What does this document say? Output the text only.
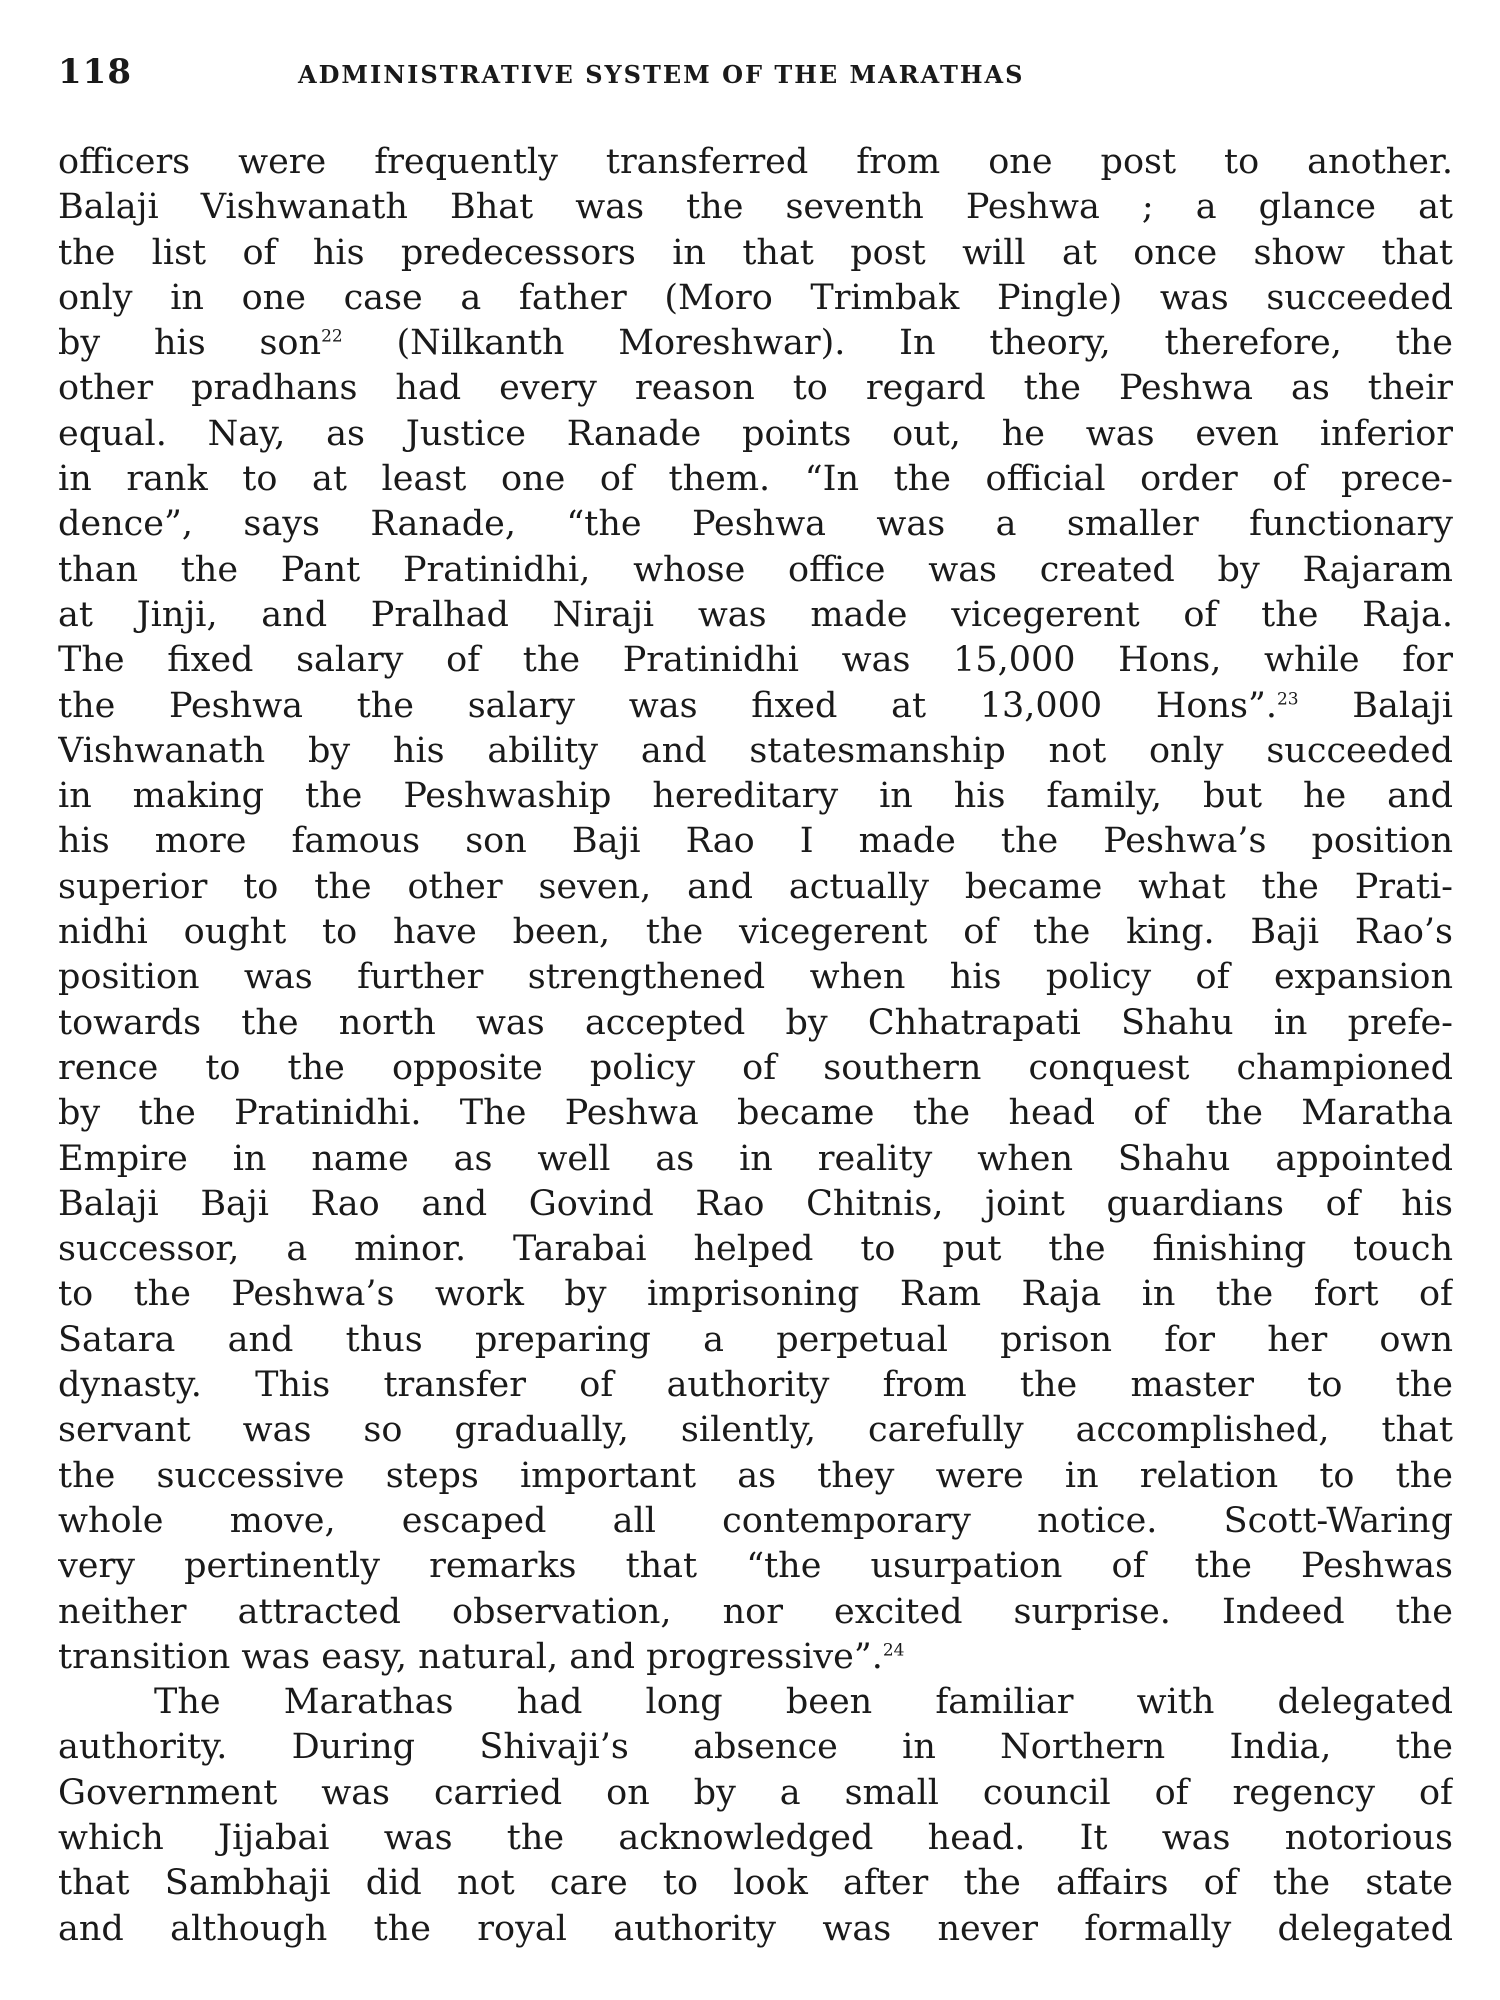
118	ADMINISTRATIVE SYSTEM OF THE MARATHAS
officers were frequently transferred from one post to another.
Balaji Vishwanath Bhat was the seventh Peshwa ; a glance at
the list of his predecessors in that post will at once show that
only in one case a father (Moro Trimbak Pingle) was succeeded
by his son$^{22}$ (Nilkanth Moreshwar). In theory, therefore, the
other pradhans had every reason to regard the Peshwa as their
equal. Nay, as Justice Ranade points out, he was even inferior
in rank to at least one of them. “In the official order of prece-
dence”, says Ranade, “the Peshwa was a smaller functionary
than the Pant Pratinidhi, whose office was created by Rajaram
at Jinji, and Pralhad Niraji was made vicegerent of the Raja.
The fixed salary of the Pratinidhi was 15,000 Hons, while for
the Peshwa the salary was fixed at 13,000 Hons”.$^{23}$ Balaji
Vishwanath by his ability and statesmanship not only succeeded
in making the Peshwaship hereditary in his family, but he and
his more famous son Baji Rao I made the Peshwa’s position
superior to the other seven, and actually became what the Prati-
nidhi ought to have been, the vicegerent of the king. Baji Rao’s
position was further strengthened when his policy of expansion
towards the north was accepted by Chhatrapati Shahu in prefe-
rence to the opposite policy of southern conquest championed
by the Pratinidhi. The Peshwa became the head of the Maratha
Empire in name as well as in reality when Shahu appointed
Balaji Baji Rao and Govind Rao Chitnis, joint guardians of his
successor, a minor. Tarabai helped to put the finishing touch
to the Peshwa’s work by imprisoning Ram Raja in the fort of
Satara and thus preparing a perpetual prison for her own
dynasty. This transfer of authority from the master to the
servant was so gradually, silently, carefully accomplished, that
the successive steps important as they were in relation to the
whole move, escaped all contemporary notice. Scott-Waring
very pertinently remarks that “the usurpation of the Peshwas
neither attracted observation, nor excited surprise. Indeed the
transition was easy, natural, and progressive”.$^{24}$
The Marathas had long been familiar with delegated
authority. During Shivaji’s absence in Northern India, the
Government was carried on by a small council of regency of
which Jijabai was the acknowledged head. It was notorious
that Sambhaji did not care to look after the affairs of the state
and although the royal authority was never formally delegated
